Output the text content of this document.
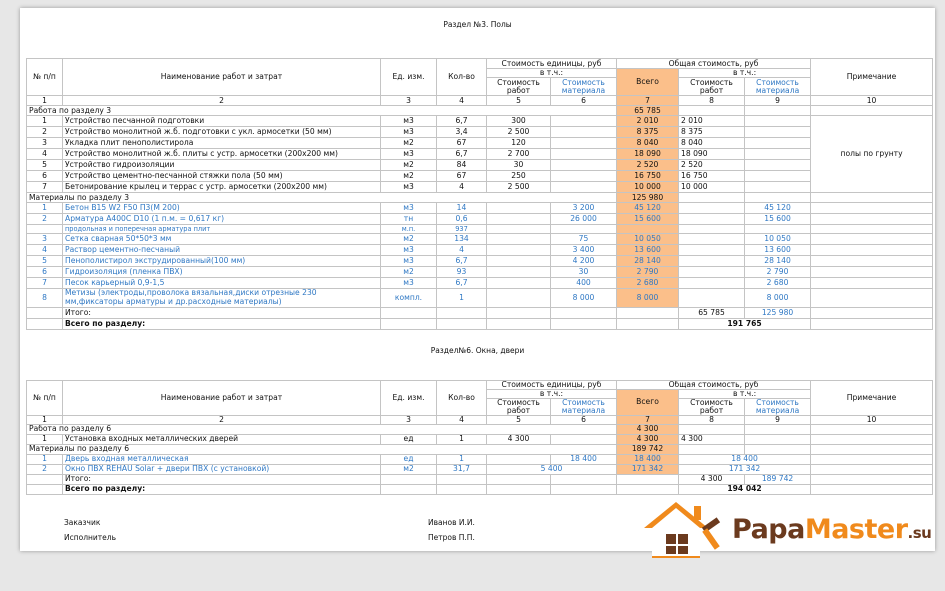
Раздел №3. Полы
№ п/п	Наименование работ и затрат	Ед. изм.	Кол-во	Стоимость единицы, руб		Общая стоимость, руб			Примечание
				в т.ч.:		Всего	в т.ч.:		
				Стоимость работ	Стоимость материала		Стоимость работ	Стоимость материала	
1	2	3	4	5	6	7	8	9	10
Работа по разделу 3						65 785			
1	Устройство песчанной подготовки	м3	6,7	300		2 010	2 010		полы по грунту
2	Устройство монолитной ж.б. подготовки с укл. армосетки (50 мм)	м3	3,4	2 500		8 375	8 375		
3	Укладка плит пенополистирола	м2	67	120		8 040	8 040		
4	Устройство монолитной ж.б. плиты с устр. армосетки (200х200 мм)	м3	6,7	2 700		18 090	18 090		
5	Устройство гидроизоляции	м2	84	30		2 520	2 520		
6	Устройство цементно-песчанной стяжки пола (50 мм)	м2	67	250		16 750	16 750		
7	Бетонирование крылец и террас с устр. армосетки (200х200 мм)	м3	4	2 500		10 000	10 000		
Материалы по разделу 3						125 980			
1	Бетон B15 W2 F50 П3(М 200)	м3	14		3 200	45 120		45 120	
2	Арматура А400С D10 (1 п.м. = 0,617 кг)	тн	0,6		26 000	15 600		15 600	
	продольная и поперечная арматура плит	м.п.	937						
3	Сетка сварная 50*50*3 мм	м2	134		75	10 050		10 050	
4	Раствор цементно-песчаный	м3	4		3 400	13 600		13 600	
5	Пенополистирол экструдированный(100 мм)	м3	6,7		4 200	28 140		28 140	
6	Гидроизоляция (пленка ПВХ)	м2	93		30	2 790		2 790	
7	Песок карьерный 0,9-1,5	м3	6,7		400	2 680		2 680	
8	Метизы (электроды,проволока вязальная,диски отрезные 230
мм,фиксаторы арматуры и др.расходные материалы)	компл.	1		8 000	8 000		8 000	
	Итого:						65 785	125 980	
	Всего по разделу:						191 765		
Раздел№6. Окна, двери
№ п/п	Наименование работ и затрат	Ед. изм.	Кол-во	Стоимость единицы, руб		Общая стоимость, руб			Примечание
				в т.ч.:		Всего	в т.ч.:		
				Стоимость работ	Стоимость материала		Стоимость работ	Стоимость материала	
1	2	3	4	5	6	7	8	9	10
Работа по разделу 6						4 300			
1	Установка входных металлических дверей	ед	1	4 300		4 300	4 300		
Материалы по разделу 6						189 742			
1	Дверь входная металлическая	ед	1		18 400	18 400	18 400		
2	Окно ПВХ REHAU Solar + двери ПВХ (с установкой)	м2	31,7	5 400		171 342	171 342		
	Итого:						4 300	189 742	
	Всего по разделу:						194 042		
Заказчик	Иванов И.И.
Исполнитель	Петров П.П.	PapaMaster.su
